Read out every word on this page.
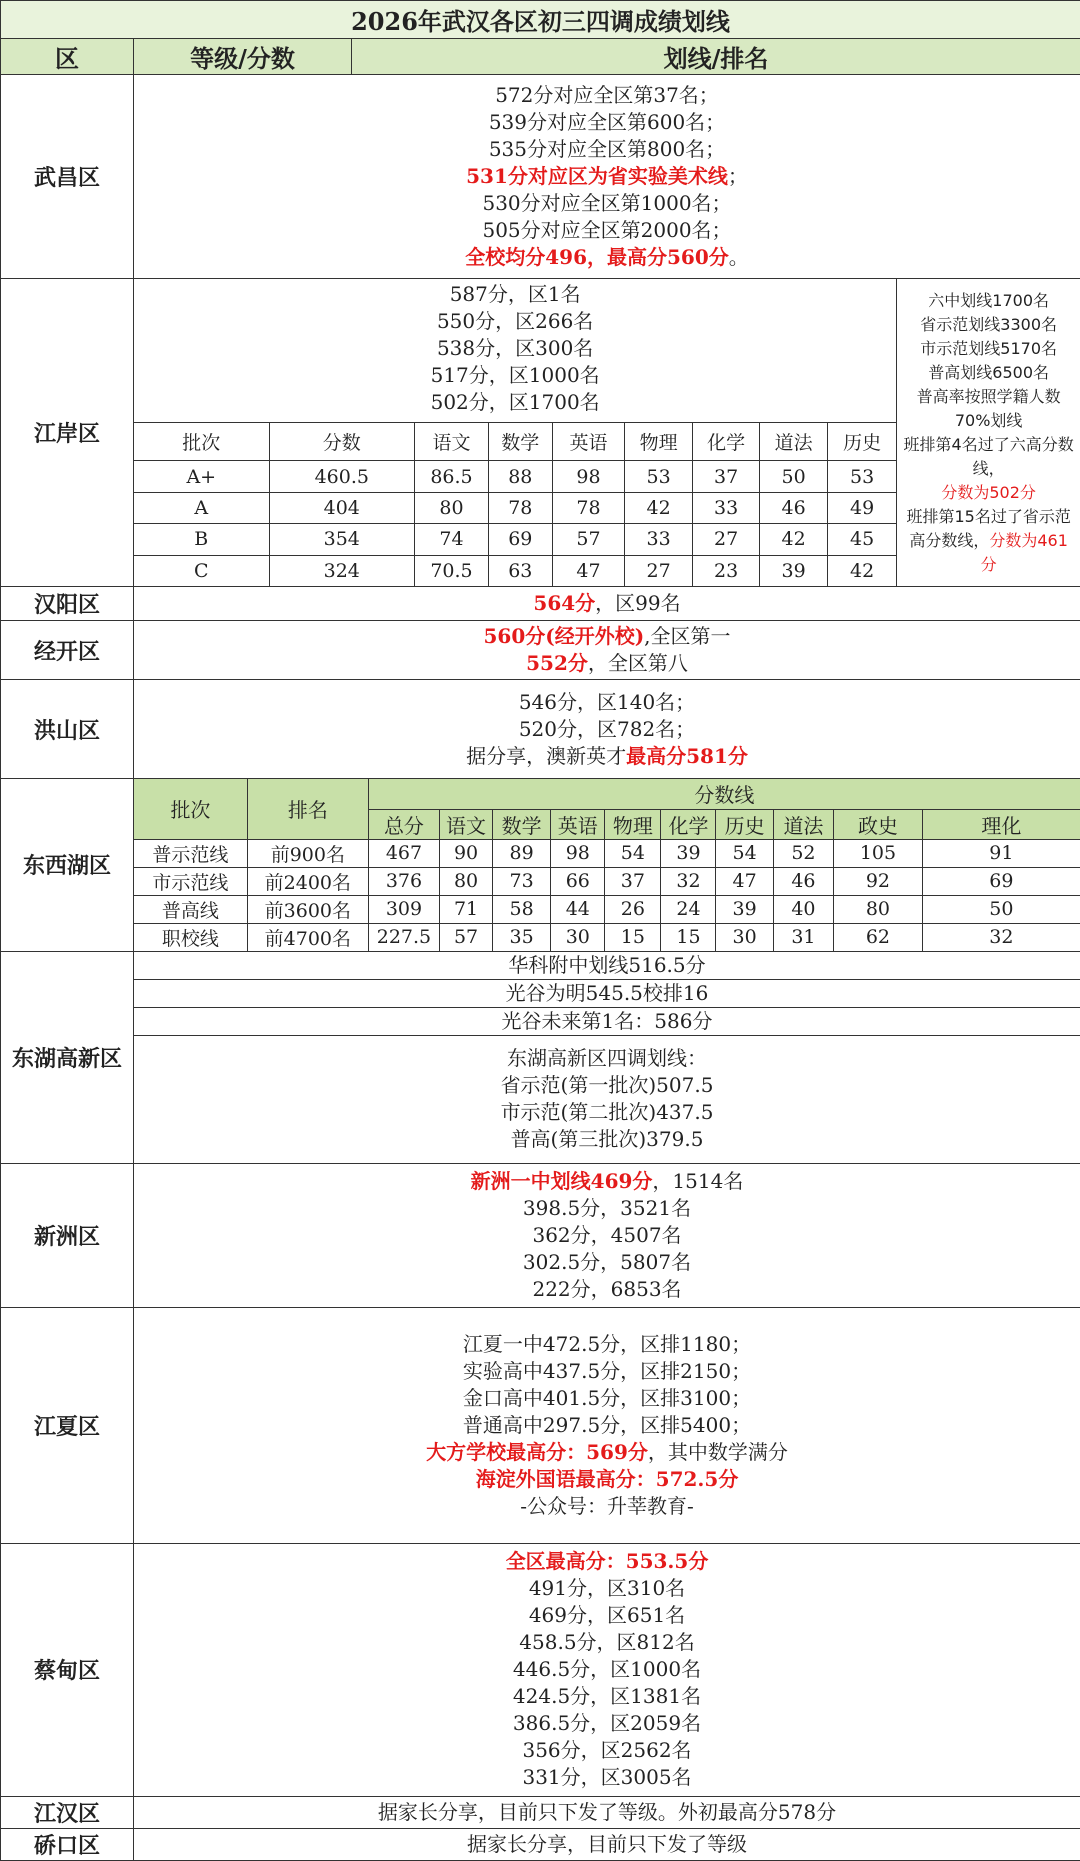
2026年武汉各区初三四调成绩划线
区	等级/分数	划线/排名
武昌区	
572分对应全区第37名；
539分对应全区第600名；
535分对应全区第800名；
531分对应区为省实验美术线；
530分对应全区第1000名；
505分对应全区第2000名；
全校均分496，最高分560分。

江岸区	
587分，区1名
550分，区266名
538分，区300名
517分，区1000名
502分，区1700名
批次	分数	语文	数学	英语	物理	化学	道法	历史
A+	460.5	86.5	88	98	53	37	50	53
A	404	80	78	78	42	33	46	49
B	354	74	69	57	33	27	42	45
C	324	70.5	63	47	27	23	39	42

六中划线1700名
省示范划线3300名
市示范划线5170名
普高划线6500名
普高率按照学籍人数70%划线
班排第4名过了六高分数线，
分数为502分
班排第15名过了省示范高分数线，分数为461分

汉阳区	564分，区99名
经开区	
560分(经开外校),全区第一
552分，全区第八

洪山区	
546分，区140名；
520分，区782名；
据分享，澳新英才最高分581分

东西湖区	
批次	排名	分数线
总分	语文	数学	英语	物理	化学	历史	道法	政史	理化
普示范线	前900名	467	90	89	98	54	39	54	52	105	91
市示范线	前2400名	376	80	73	66	37	32	47	46	92	69
普高线	前3600名	309	71	58	44	26	24	39	40	80	50
职校线	前4700名	227.5	57	35	30	15	15	30	31	62	32

东湖高新区	
华科附中划线516.5分
光谷为明545.5校排16
光谷未来第1名：586分

东湖高新区四调划线：
省示范(第一批次)507.5
市示范(第二批次)437.5
普高(第三批次)379.5

新洲区	
新洲一中划线469分，1514名
398.5分，3521名
362分，4507名
302.5分，5807名
222分，6853名

江夏区	
江夏一中472.5分，区排1180；
实验高中437.5分，区排2150；
金口高中401.5分，区排3100；
普通高中297.5分，区排5400；
大方学校最高分：569分，其中数学满分
海淀外国语最高分：572.5分
-公众号：升莘教育-

蔡甸区	
全区最高分：553.5分
491分，区310名
469分，区651名
458.5分，区812名
446.5分，区1000名
424.5分，区1381名
386.5分，区2059名
356分，区2562名
331分，区3005名

江汉区	据家长分享，目前只下发了等级。外初最高分578分
硚口区	据家长分享，目前只下发了等级
